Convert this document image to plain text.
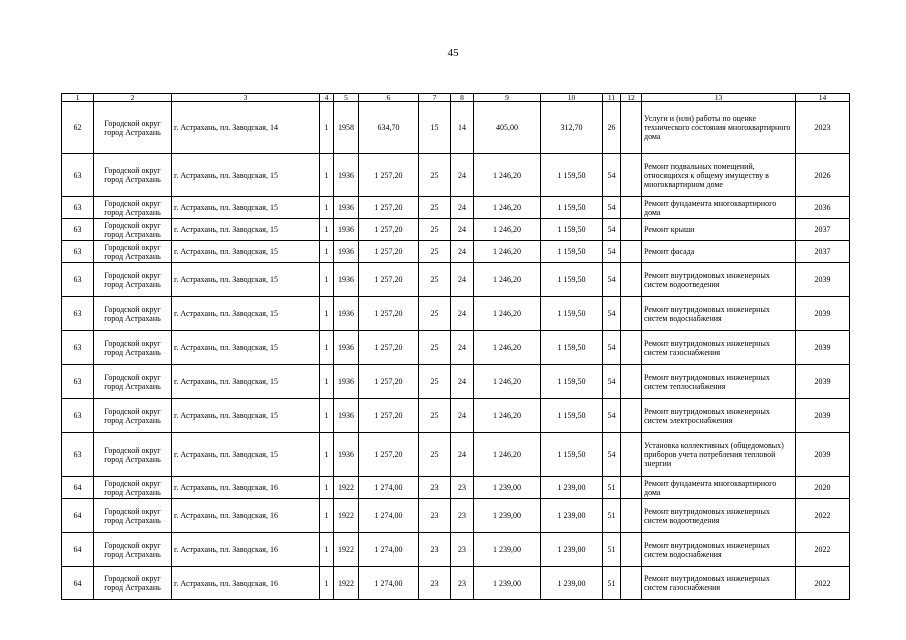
45
1	2	3	4	5	6	7	8	9	10	11	12	13	14
62	Городской округ город Астрахань	г. Астрахань, пл. Заводская, 14	1	1958	634,70	15	14	405,00	312,70	26		Услуги и (или) работы по оценке технического состояния многоквартирного дома	2023
63	Городской округ город Астрахань	г. Астрахань, пл. Заводская, 15	1	1936	1 257,20	25	24	1 246,20	1 159,50	54		Ремонт подвальных помещений, относящихся к общему имуществу в многоквартирном доме	2026
63	Городской округ город Астрахань	г. Астрахань, пл. Заводская, 15	1	1936	1 257,20	25	24	1 246,20	1 159,50	54		Ремонт фундамента многоквартирного дома	2036
63	Городской округ город Астрахань	г. Астрахань, пл. Заводская, 15	1	1936	1 257,20	25	24	1 246,20	1 159,50	54		Ремонт крыши	2037
63	Городской округ город Астрахань	г. Астрахань, пл. Заводская, 15	1	1936	1 257,20	25	24	1 246,20	1 159,50	54		Ремонт фасада	2037
63	Городской округ город Астрахань	г. Астрахань, пл. Заводская, 15	1	1936	1 257,20	25	24	1 246,20	1 159,50	54		Ремонт внутридомовых инженерных систем водоотведения	2039
63	Городской округ город Астрахань	г. Астрахань, пл. Заводская, 15	1	1936	1 257,20	25	24	1 246,20	1 159,50	54		Ремонт внутридомовых инженерных систем водоснабжения	2039
63	Городской округ город Астрахань	г. Астрахань, пл. Заводская, 15	1	1936	1 257,20	25	24	1 246,20	1 159,50	54		Ремонт внутридомовых инженерных систем газоснабжения	2039
63	Городской округ город Астрахань	г. Астрахань, пл. Заводская, 15	1	1936	1 257,20	25	24	1 246,20	1 159,50	54		Ремонт внутридомовых инженерных систем теплоснабжения	2039
63	Городской округ город Астрахань	г. Астрахань, пл. Заводская, 15	1	1936	1 257,20	25	24	1 246,20	1 159,50	54		Ремонт внутридомовых инженерных систем электроснабжения	2039
63	Городской округ город Астрахань	г. Астрахань, пл. Заводская, 15	1	1936	1 257,20	25	24	1 246,20	1 159,50	54		Установка коллективных (общедомовых) приборов учета потребления тепловой энергии	2039
64	Городской округ город Астрахань	г. Астрахань, пл. Заводская, 16	1	1922	1 274,00	23	23	1 239,00	1 239,00	51		Ремонт фундамента многоквартирного дома	2020
64	Городской округ город Астрахань	г. Астрахань, пл. Заводская, 16	1	1922	1 274,00	23	23	1 239,00	1 239,00	51		Ремонт внутридомовых инженерных систем водоотведения	2022
64	Городской округ город Астрахань	г. Астрахань, пл. Заводская, 16	1	1922	1 274,00	23	23	1 239,00	1 239,00	51		Ремонт внутридомовых инженерных систем водоснабжения	2022
64	Городской округ город Астрахань	г. Астрахань, пл. Заводская, 16	1	1922	1 274,00	23	23	1 239,00	1 239,00	51		Ремонт внутридомовых инженерных систем газоснабжения	2022
